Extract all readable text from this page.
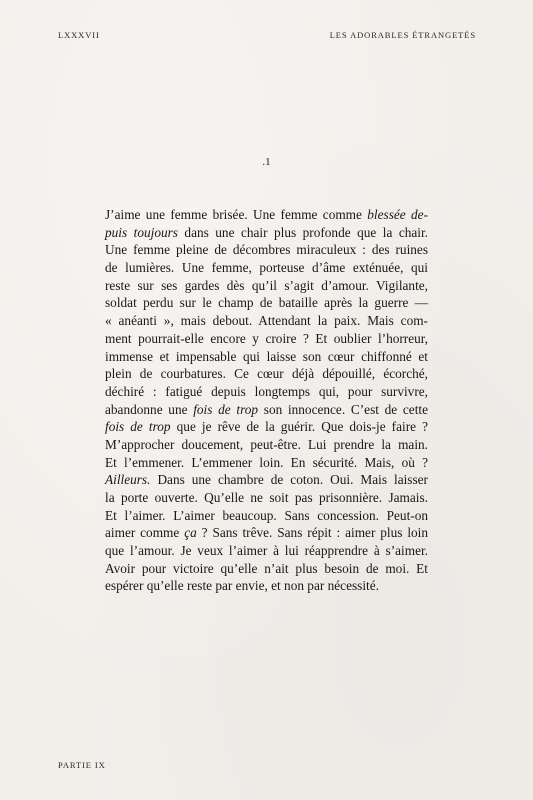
LXXXVII	LES ADORABLES ÉTRANGETÉS
.1
J’aime une femme brisée. Une femme comme blessée de-
puis toujours dans une chair plus profonde que la chair.
Une femme pleine de décombres miraculeux : des ruines
de lumières. Une femme, porteuse d’âme exténuée, qui
reste sur ses gardes dès qu’il s’agit d’amour. Vigilante,
soldat perdu sur le champ de bataille après la guerre —
« anéanti », mais debout. Attendant la paix. Mais com-
ment pourrait-elle encore y croire ? Et oublier l’horreur,
immense et impensable qui laisse son cœur chiffonné et
plein de courbatures. Ce cœur déjà dépouillé, écorché,
déchiré : fatigué depuis longtemps qui, pour survivre,
abandonne une fois de trop son innocence. C’est de cette
fois de trop que je rêve de la guérir. Que dois-je faire ?
M’approcher doucement, peut-être. Lui prendre la main.
Et l’emmener. L’emmener loin. En sécurité. Mais, où ?
Ailleurs. Dans une chambre de coton. Oui. Mais laisser
la porte ouverte. Qu’elle ne soit pas prisonnière. Jamais.
Et l’aimer. L’aimer beaucoup. Sans concession. Peut-on
aimer comme ça ? Sans trêve. Sans répit : aimer plus loin
que l’amour. Je veux l’aimer à lui réapprendre à s’aimer.
Avoir pour victoire qu’elle n’ait plus besoin de moi. Et
espérer qu’elle reste par envie, et non par nécessité.
PARTIE IX
